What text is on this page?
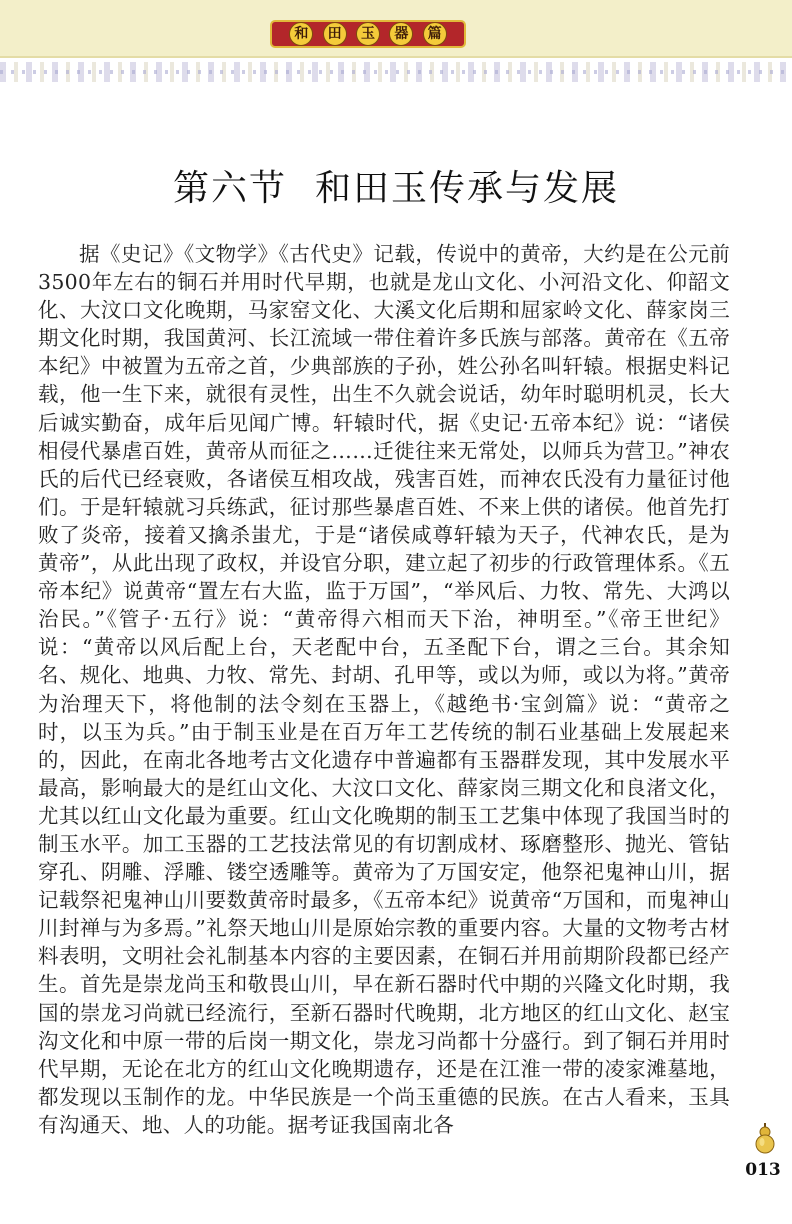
和	田	玉	器	篇
第六节 和田玉传承与发展

据《史记》《文物学》《古代史》记载，传说中的黄帝，大约是在公元前3500年左右的铜石并用时代早期，也就是龙山文化、小河沿文化、仰韶文化、大汶口文化晚期，马家窑文化、大溪文化后期和屈家岭文化、薛家岗三期文化时期，我国黄河、长江流域一带住着许多氏族与部落。黄帝在《五帝本纪》中被置为五帝之首，少典部族的子孙，姓公孙名叫轩辕。根据史料记载，他一生下来，就很有灵性，出生不久就会说话，幼年时聪明机灵，长大后诚实勤奋，成年后见闻广博。轩辕时代，据《史记·五帝本纪》说：“诸侯相侵代暴虐百姓，黄帝从而征之……迁徙往来无常处，以师兵为营卫。”神农氏的后代已经衰败，各诸侯互相攻战，残害百姓，而神农氏没有力量征讨他们。于是轩辕就习兵练武，征讨那些暴虐百姓、不来上供的诸侯。他首先打败了炎帝，接着又擒杀蚩尤，于是“诸侯咸尊轩辕为天子，代神农氏，是为黄帝”，从此出现了政权，并设官分职，建立起了初步的行政管理体系。《五帝本纪》说黄帝“置左右大监，监于万国”，“举风后、力牧、常先、大鸿以治民。”《管子·五行》说：“黄帝得六相而天下治，神明至。”《帝王世纪》说：“黄帝以风后配上台，天老配中台，五圣配下台，谓之三台。其余知名、规化、地典、力牧、常先、封胡、孔甲等，或以为师，或以为将。”黄帝为治理天下，将他制的法令刻在玉器上，《越绝书·宝剑篇》说：“黄帝之时，以玉为兵。”由于制玉业是在百万年工艺传统的制石业基础上发展起来的，因此，在南北各地考古文化遗存中普遍都有玉器群发现，其中发展水平最高，影响最大的是红山文化、大汶口文化、薛家岗三期文化和良渚文化，尤其以红山文化最为重要。红山文化晚期的制玉工艺集中体现了我国当时的制玉水平。加工玉器的工艺技法常见的有切割成材、琢磨整形、抛光、管钻穿孔、阴雕、浮雕、镂空透雕等。黄帝为了万国安定，他祭祀鬼神山川，据记载祭祀鬼神山川要数黄帝时最多，《五帝本纪》说黄帝“万国和，而鬼神山川封禅与为多焉。”礼祭天地山川是原始宗教的重要内容。大量的文物考古材料表明，文明社会礼制基本内容的主要因素，在铜石并用前期阶段都已经产生。首先是崇龙尚玉和敬畏山川，早在新石器时代中期的兴隆文化时期，我国的崇龙习尚就已经流行，至新石器时代晚期，北方地区的红山文化、赵宝沟文化和中原一带的后岗一期文化，崇龙习尚都十分盛行。到了铜石并用时代早期，无论在北方的红山文化晚期遗存，还是在江淮一带的凌家滩墓地，都发现以玉制作的龙。中华民族是一个尚玉重德的民族。在古人看来，玉具有沟通天、地、人的功能。据考证我国南北各

013
